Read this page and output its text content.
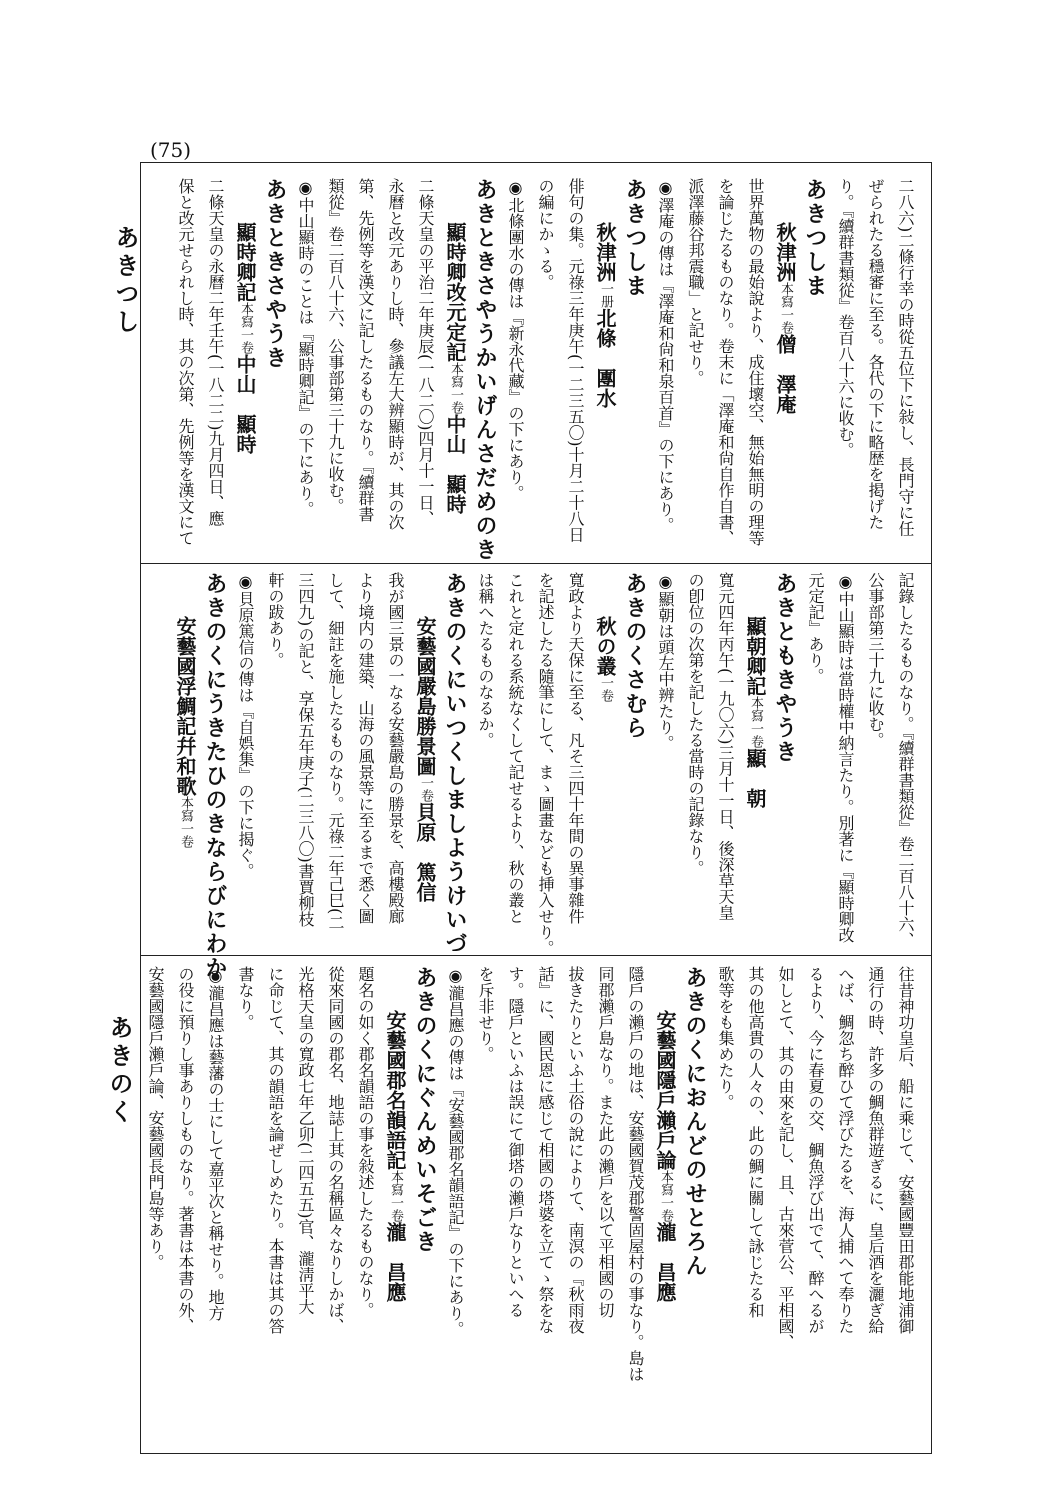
(75)
あきつし
あきのく

二八六)二條行幸の時從五位下に敍し、長門守に任

ぜられたる穩審に至る。各代の下に略歴を掲げた

り。『續群書類從』卷百八十六に收む。

あきつしま

秋津洲本寫一卷僧　澤庵

世界萬物の最始說より、成住壞空、無始無明の理等

を論じたるものなり。卷末に「澤庵和尙自作自書、

派澤藤谷邦震職」と記せり。

◉澤庵の傳は『澤庵和尙和泉百首』の下にあり。

あきつしま

秋津洲一册北條　團水

俳句の集。元祿三年庚午(一二三五〇)十月二十八日

の編にかゝる。

◉北條團水の傳は『新永代藏』の下にあり。

あきときさやうかいげんさだめのき

顯時卿改元定記本寫一卷中山　顯時

二條天皇の平治二年庚辰(一八二〇)四月十一日、

永曆と改元ありし時、參議左大辨顯時が、其の次

第、先例等を漢文に記したるものなり。『續群書

類從』卷二百八十六、公事部第三十九に收む。

◉中山顯時のことは『顯時卿記』の下にあり。

あきときさやうき

顯時卿記本寫一卷中山　顯時

二條天皇の永曆二年壬午(一八二二)九月四日、應

保と改元せられし時、其の次第、先例等を漢文にて

記錄したるものなり。『續群書類從』卷二百八十六、

公事部第三十九に收む。

◉中山顯時は當時權中納言たり。別著に『顯時卿改

元定記』あり。

あきともきやうき

顯朝卿記本寫一卷顯　朝

寬元四年丙午(一九〇六)三月十一日、後深草天皇

の卽位の次第を記したる當時の記錄なり。

◉顯朝は頭左中辨たり。

あきのくさむら

秋の叢一卷

寬政より天保に至る、凡そ三四十年間の異事雜件

を記述したる隨筆にして、まゝ圖畫なども挿入せり。

これと定れる系統なくして記せるより、秋の叢と

は稱へたるものなるか。

あきのくにいつくしましようけいづ

安藝國嚴島勝景圖一卷貝原　篤信

我が國三景の一なる安藝嚴島の勝景を、高樓殿廊

より境内の建築、山海の風景等に至るまで悉く圖

して、細註を施したるものなり。元祿二年己巳(二

三四九)の記と、享保五年庚子(二三八〇)書賈柳枝

軒の跋あり。

◉貝原篤信の傳は『自娯集』の下に揭ぐ。

あきのくにうきたひのきならびにわか

安藝國浮鯛記幷和歌本寫一卷

往昔神功皇后、船に乘じて、安藝國豐田郡能地浦御

通行の時、許多の鯛魚群遊ぎるに、皇后酒を灑ぎ給

へば、鯛忽ち醉ひて浮びたるを、海人捕へて奉りた

るより、今に春夏の交、鯛魚浮び出でて、醉へるが

如しとて、其の由來を記し、且、古來菅公、平相國、

其の他高貴の人々の、此の鯛に關して詠じたる和

歌等をも集めたり。

あきのくにおんどのせとろん

安藝國隱戶瀨戶論本寫一卷瀧　昌應

隱戶の瀨戶の地は、安藝國賀茂郡警固屋村の事なり。島は

同郡瀨戶島なり。また此の瀨戶を以て平相國の切

拔きたりといふ土俗の說によりて、南溟の『秋雨夜

話』に、國民恩に感じて相國の塔婆を立てゝ祭をな

す。隱戶といふは誤にて御塔の瀨戶なりといへる

を斥非せり。

◉瀧昌應の傳は『安藝國郡名韻語記』の下にあり。

あきのくにぐんめいそごき

安藝國郡名韻語記本寫一卷瀧　昌應

題名の如く郡名韻語の事を敍述したるものなり。

從來同國の郡名、地誌上其の名稱區々なりしかば、

光格天皇の寬政七年乙卯(二四五五)官、瀧淸平大

に命じて、其の韻語を論ぜしめたり。本書は其の答

書なり。

◉瀧昌應は藝藩の士にして嘉平次と稱せり。地方

の役に預りし事ありしものなり。著書は本書の外、

安藝國隱戶瀨戶論、安藝國長門島等あり。
